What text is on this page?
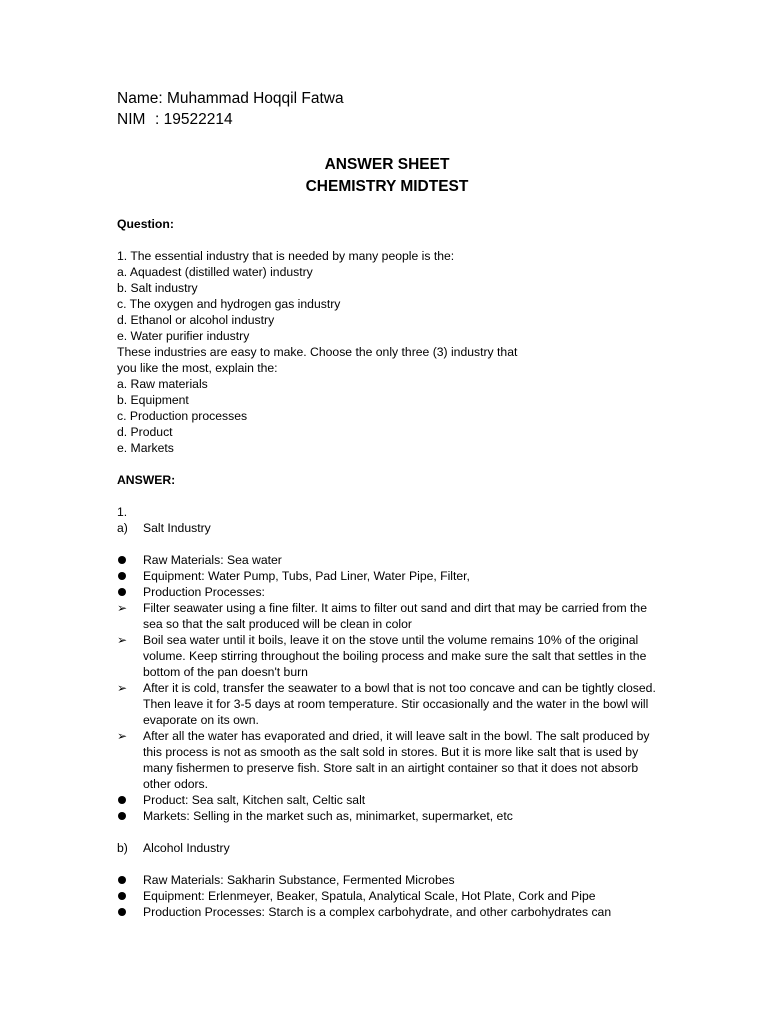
Name: Muhammad Hoqqil Fatwa
NIM : 19522214
ANSWER SHEET
CHEMISTRY MIDTEST
Question:
1. The essential industry that is needed by many people is the:
a. Aquadest (distilled water) industry
b. Salt industry
c. The oxygen and hydrogen gas industry
d. Ethanol or alcohol industry
e. Water purifier industry
These industries are easy to make. Choose the only three (3) industry that
you like the most, explain the:
a. Raw materials
b. Equipment
c. Production processes
d. Product
e. Markets
ANSWER:
1.
a)	Salt Industry
Raw Materials: Sea water
Equipment: Water Pump, Tubs, Pad Liner, Water Pipe, Filter,
Production Processes:
➢ Filter seawater using a fine filter. It aims to filter out sand and dirt that may be carried from the sea so that the salt produced will be clean in color
➢ Boil sea water until it boils, leave it on the stove until the volume remains 10% of the original volume. Keep stirring throughout the boiling process and make sure the salt that settles in the bottom of the pan doesn't burn
➢ After it is cold, transfer the seawater to a bowl that is not too concave and can be tightly closed. Then leave it for 3-5 days at room temperature. Stir occasionally and the water in the bowl will evaporate on its own.
➢ After all the water has evaporated and dried, it will leave salt in the bowl. The salt produced by this process is not as smooth as the salt sold in stores. But it is more like salt that is used by many fishermen to preserve fish. Store salt in an airtight container so that it does not absorb other odors.
Product: Sea salt, Kitchen salt, Celtic salt
Markets: Selling in the market such as, minimarket, supermarket, etc
b)	Alcohol Industry
Raw Materials: Sakharin Substance, Fermented Microbes
Equipment: Erlenmeyer, Beaker, Spatula, Analytical Scale, Hot Plate, Cork and Pipe
Production Processes: Starch is a complex carbohydrate, and other carbohydrates can
